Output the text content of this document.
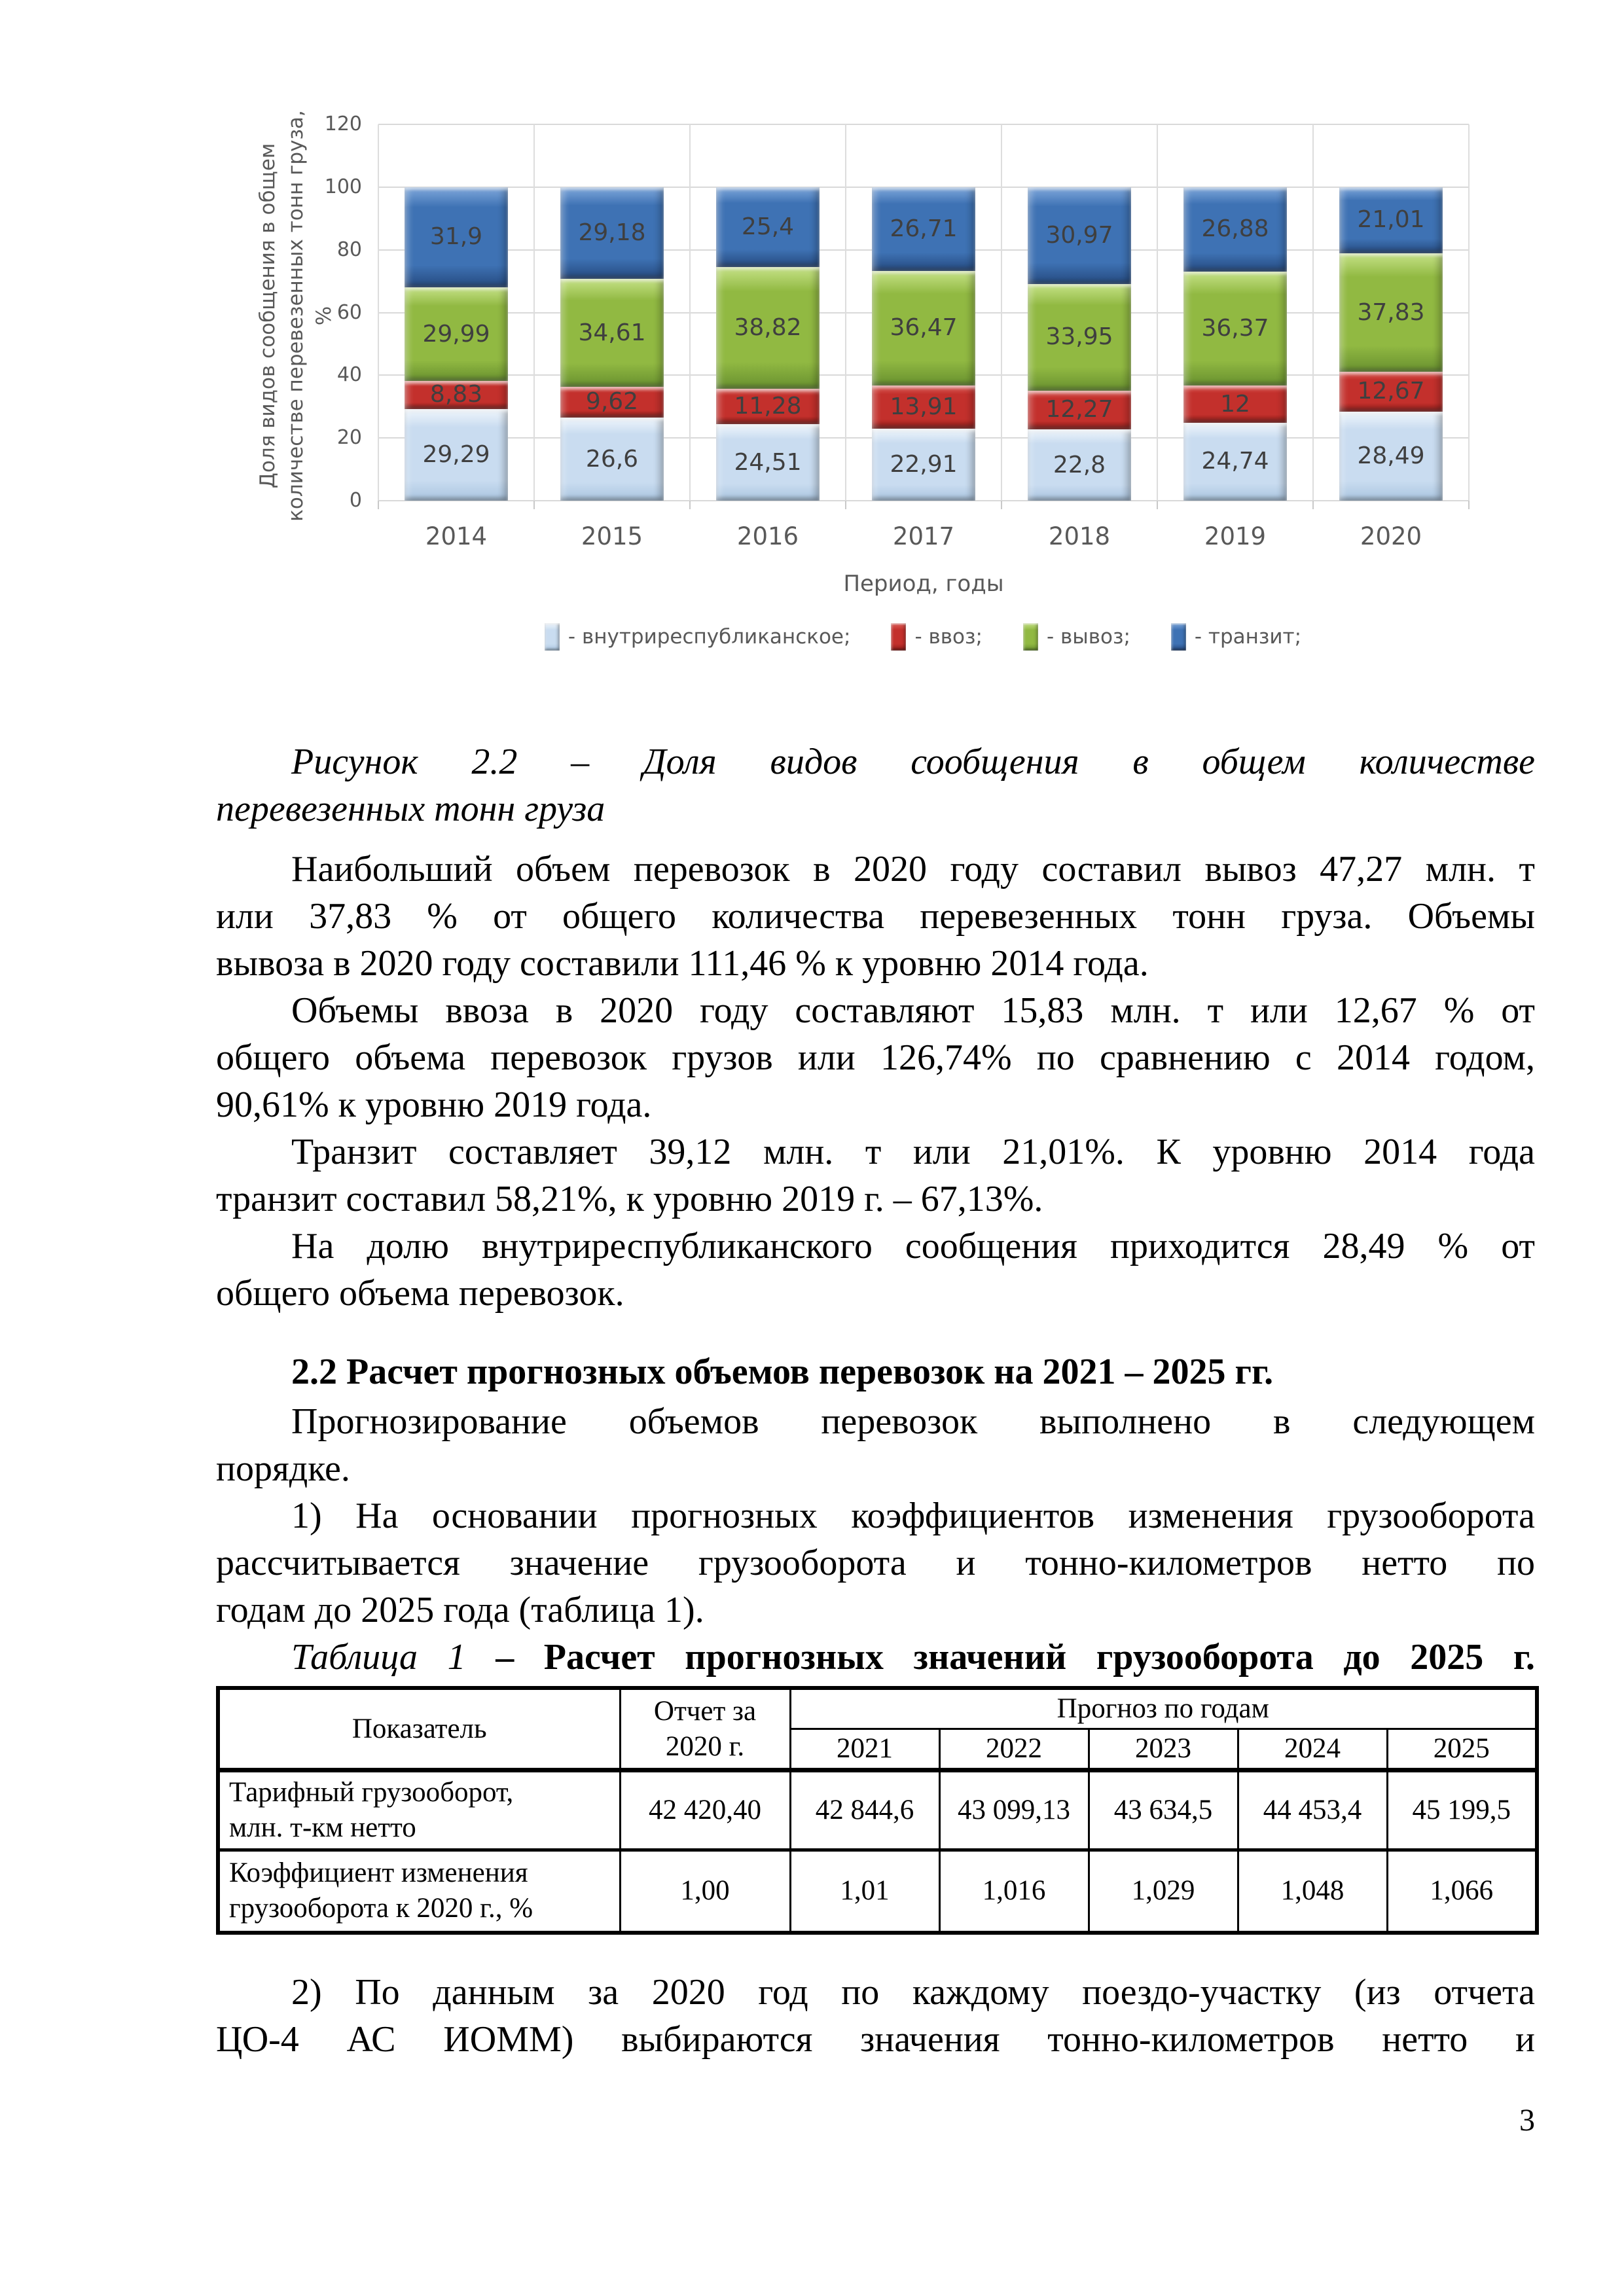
Доля видов сообщения в общем количестве перевезенных тонн груза, %
0
20
40
60
80
100
120
29,29
8,83
29,99
31,9
2014
26,6
9,62
34,61
29,18
2015
24,51
11,28
38,82
25,4
2016
22,91
13,91
36,47
26,71
2017
22,8
12,27
33,95
30,97
2018
24,74
12
36,37
26,88
2019
28,49
12,67
37,83
21,01
2020
Период, годы
- внутриреспубликанское;	- ввоз;	- вывоз;	- транзит;
Рисунок 2.2 – Доля видов сообщения в общем количестве
перевезенных тонн груза
Наибольший объем перевозок в 2020 году составил вывоз 47,27 млн. т
или 37,83 % от общего количества перевезенных тонн груза. Объемы
вывоза в 2020 году составили 111,46 % к уровню 2014 года.
Объемы ввоза в 2020 году составляют 15,83 млн. т или 12,67 % от
общего объема перевозок грузов или 126,74% по сравнению с 2014 годом,
90,61% к уровню 2019 года.
Транзит составляет 39,12 млн. т или 21,01%. К уровню 2014 года
транзит составил 58,21%, к уровню 2019 г. – 67,13%.
На долю внутриреспубликанского сообщения приходится 28,49 % от
общего объема перевозок.
2.2 Расчет прогнозных объемов перевозок на 2021 – 2025 гг.
Прогнозирование объемов перевозок выполнено в следующем
порядке.
1) На основании прогнозных коэффициентов изменения грузооборота
рассчитывается значение грузооборота и тонно-километров нетто по
годам до 2025 года (таблица 1).
Таблица 1 – Расчет прогнозных значений грузооборота до 2025 г.
Показатель	Отчет за 2020 г.	Прогноз по годам				
		2021	2022	2023	2024	2025

Тарифный грузооборот,
млн. т-км нетто	42 420,40	42 844,6	43 099,13	43 634,5	44 453,4	45 199,5

Коэффициент изменения
грузооборота к 2020 г., %	1,00	1,01	1,016	1,029	1,048	1,066
2) По данным за 2020 год по каждому поездо-участку (из отчета
ЦО-4 АС ИОММ) выбираются значения тонно-километров нетто и
3
